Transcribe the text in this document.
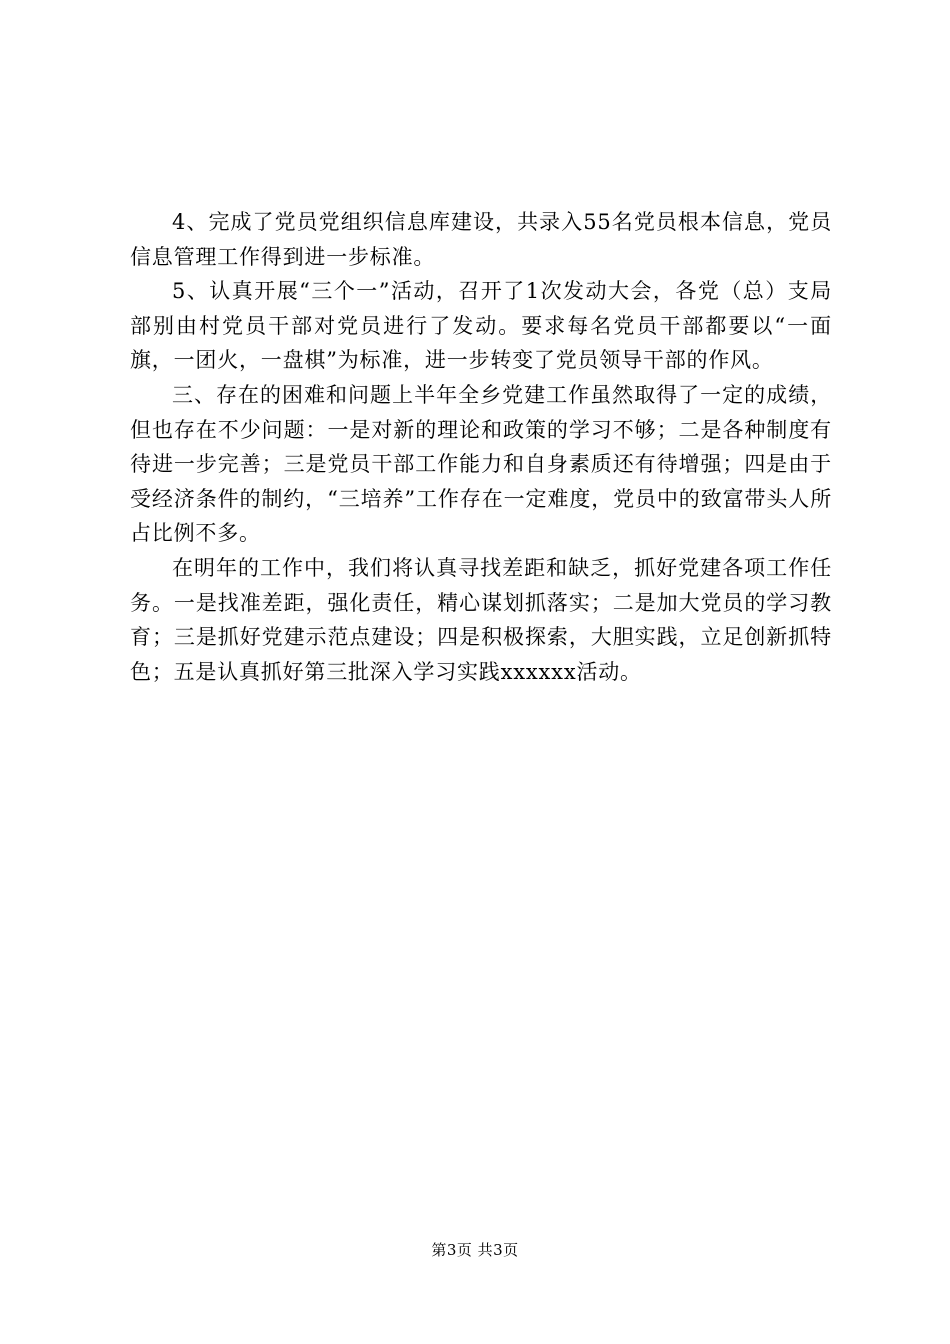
4、完成了党员党组织信息库建设，共录入55名党员根本信息，党员信息管理工作得到进一步标准。

5、认真开展“三个一”活动，召开了1次发动大会，各党（总）支局部别由村党员干部对党员进行了发动。要求每名党员干部都要以“一面旗，一团火，一盘棋”为标准，进一步转变了党员领导干部的作风。

三、存在的困难和问题上半年全乡党建工作虽然取得了一定的成绩，但也存在不少问题：一是对新的理论和政策的学习不够；二是各种制度有待进一步完善；三是党员干部工作能力和自身素质还有待增强；四是由于受经济条件的制约，“三培养”工作存在一定难度，党员中的致富带头人所占比例不多。

在明年的工作中，我们将认真寻找差距和缺乏，抓好党建各项工作任务。一是找准差距，强化责任，精心谋划抓落实；二是加大党员的学习教育；三是抓好党建示范点建设；四是积极探索，大胆实践，立足创新抓特色；五是认真抓好第三批深入学习实践xxxxxx活动。

第3页 共3页
